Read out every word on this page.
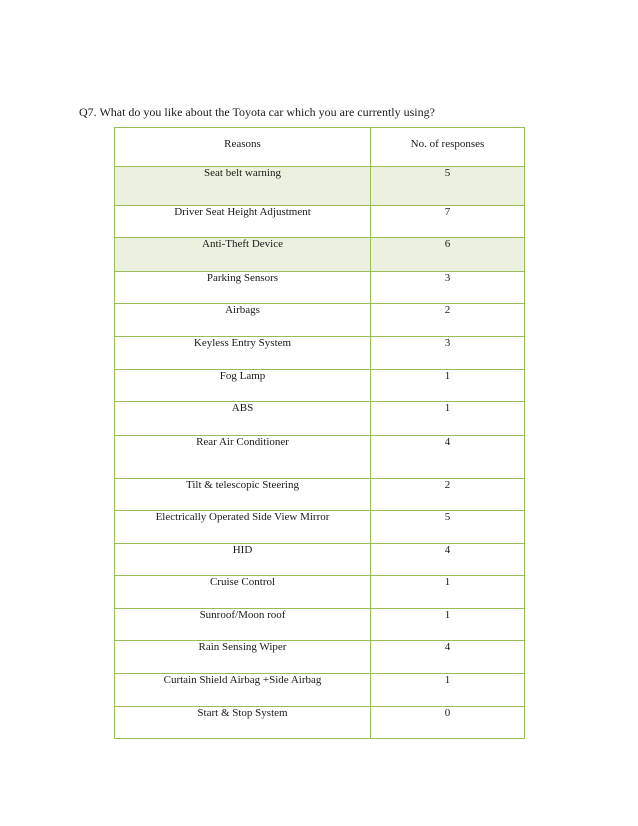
Q7. What do you like about the Toyota car which you are currently using?
Reasons	No. of responses
Seat belt warning	5
Driver Seat Height Adjustment	7
Anti-Theft Device	6
Parking Sensors	3
Airbags	2
Keyless Entry System	3
Fog Lamp	1
ABS	1
Rear Air Conditioner	4
Tilt & telescopic Steering	2
Electrically Operated Side View Mirror	5
HID	4
Cruise Control	1
Sunroof/Moon roof	1
Rain Sensing Wiper	4
Curtain Shield Airbag +Side Airbag	1
Start & Stop System	0
